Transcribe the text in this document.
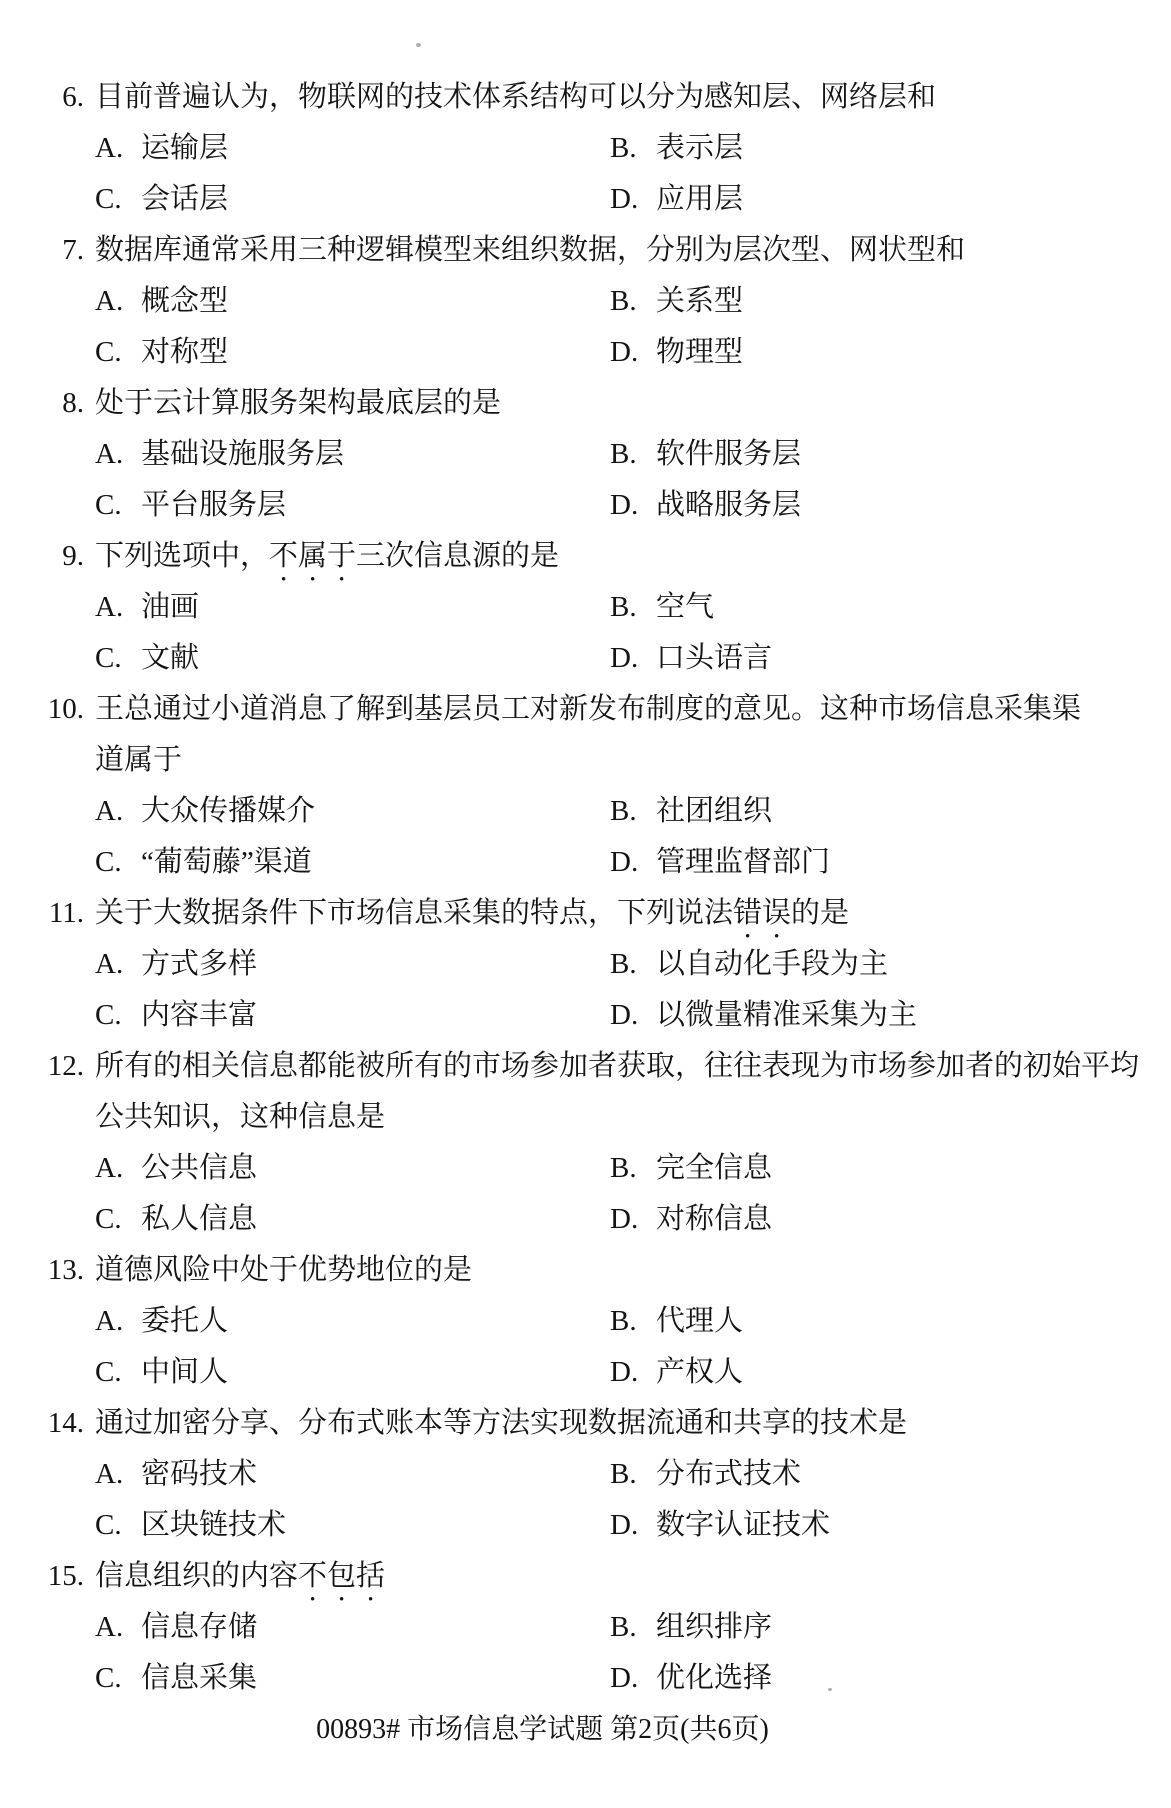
6. 目前普遍认为，物联网的技术体系结构可以分为感知层、网络层和
A. 运输层	B. 表示层
C. 会话层	D. 应用层
7. 数据库通常采用三种逻辑模型来组织数据，分别为层次型、网状型和
A. 概念型	B. 关系型
C. 对称型	D. 物理型
8. 处于云计算服务架构最底层的是
A. 基础设施服务层	B. 软件服务层
C. 平台服务层	D. 战略服务层
9. 下列选项中，不属于三次信息源的是
A. 油画	B. 空气
C. 文献	D. 口头语言
10. 王总通过小道消息了解到基层员工对新发布制度的意见。这种市场信息采集渠
道属于
A. 大众传播媒介	B. 社团组织
C. “葡萄藤”渠道	D. 管理监督部门
11. 关于大数据条件下市场信息采集的特点，下列说法错误的是
A. 方式多样	B. 以自动化手段为主
C. 内容丰富	D. 以微量精准采集为主
12. 所有的相关信息都能被所有的市场参加者获取，往往表现为市场参加者的初始平均
公共知识，这种信息是
A. 公共信息	B. 完全信息
C. 私人信息	D. 对称信息
13. 道德风险中处于优势地位的是
A. 委托人	B. 代理人
C. 中间人	D. 产权人
14. 通过加密分享、分布式账本等方法实现数据流通和共享的技术是
A. 密码技术	B. 分布式技术
C. 区块链技术	D. 数字认证技术
15. 信息组织的内容不包括
A. 信息存储	B. 组织排序
C. 信息采集	D. 优化选择
00893# 市场信息学试题 第2页(共6页)
